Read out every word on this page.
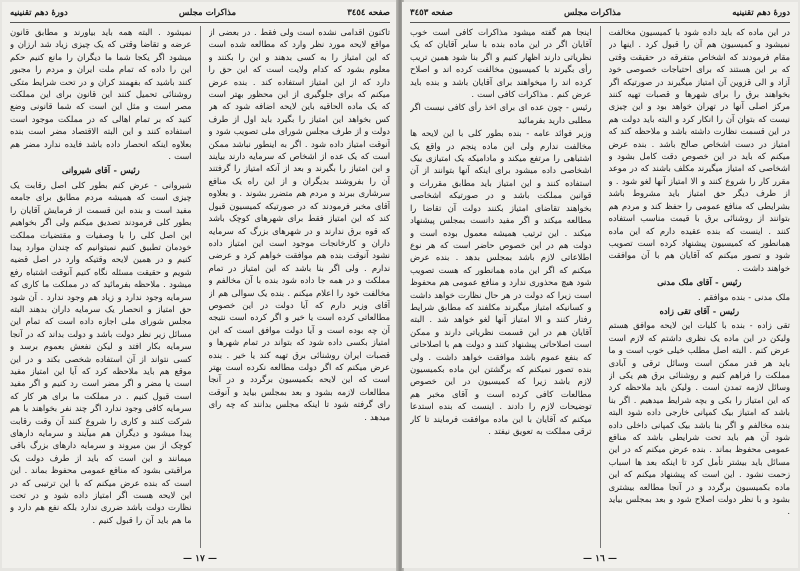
صفحه ٣٤٥٤
مذاکرات مجلس
دورهٔ دهم تقنینیه

تاکنون اقدامی نشده است ولی فقط . در بعضی از مواقع لایحه مورد نظر وارد که مطالعه شده است که این امتیاز را به کسی بدهند و این را بکنند و معلوم بشود که کدام ولایت است که این حق را دارد که از این امتیاز استفاده کند . بنده عرض میکنم که برای جلوگیری از این محظور بهتر است که یک ماده الحاقیه باین لایحه اضافه شود که هر کس بخواهد این امتیاز را بگیرد باید اول از طرف دولت و از طرف مجلس شورای ملی تصویب شود و آنوقت امتیاز داده شود . اگر به اینطور نباشد ممکن است که یک عده از اشخاص که سرمایه دارند بیایند و این امتیاز را بگیرند و بعد از آنکه امتیاز را گرفتند آن را بفروشند بدیگران و از این راه یک منافع سرشاری ببرند و مردم هم متضرر بشوند . و بعلاوه آقای مخبر فرمودند که در صورتیکه کمیسیون قبول کند که این امتیاز فقط برای شهرهای کوچک باشد که قوه برق ندارند و در شهرهای بزرگ که سرمایه داران و کارخانجات موجود است این امتیاز داده نشود آنوقت بنده هم موافقت خواهم کرد و عرضی ندارم . ولی اگر بنا باشد که این امتیاز در تمام مملکت و در همه جا داده شود بنده با آن مخالفم و مخالفت خود را اعلام میکنم . بنده یک سوالی هم از آقای وزیر دارم که آیا دولت در این خصوص مطالعاتی کرده است یا خیر و اگر کرده است نتیجه آن چه بوده است و آیا دولت موافق است که این امتیاز بکسی داده شود که بتواند در تمام شهرها و قصبات ایران روشنائی برق تهیه کند یا خیر . بنده عرض میکنم که اگر دولت مطالعه نکرده است بهتر است که این لایحه بکمیسیون برگردد و در آنجا مطالعات لازمه بشود و بعد بمجلس بیاید و آنوقت رای گرفته شود تا اینکه مجلس بدانند که چه رای میدهد .

نمیشود . البته همه باید بیاورند و مطابق قانون عرضه و تقاضا وقتی که یک چیزی زیاد شد ارزان و میشود اگر یکجا شما ما دیگران را مانع کنیم حکم این را داده که تمام ملت ایران و مردم را مجبور کنند باشید که بفهمند کران و در تحت شرایط متکی روشنائی تحمیل کنند این قانون برای این مملکت مصر است و مثل این است که شما قانونی وضع کنید که بر تمام اهالی که در مملکت موجود است استفاده کنند و این البته الاقتصاد مضر است بنده بعلاوه اینکه انحصار داده باشد فایده ندارد مضر هم است .

رئیس - آقای شیروانی

شیروانی - عرض کنم بطور کلی اصل رقابت یک چیزی است که همیشه مردم مطابق برای جامعه مفید است و بنده این قسمت از فرمایش آقایان را بطور کلی فرمودند تصدیق میکنم ولی اگر بخواهیم این اصل کلی را با وصفیات و مقتضیات مملکت خودمان تطبیق کنیم نمیتوانیم که چندان موارد پیدا کنیم و در همین لایحه وقتیکه وارد در اصل قضیه شویم و حقیقت مسئله نگاه کنیم آنوقت اشتباه رفع میشود . ملاحظه بفرمائید که در مملکت ما کاری که سرمایه وجود ندارد و زیاد هم وجود ندارد . آن شود حق امتیاز و انحصار یک سرمایه داران بدهند البته مجلس شورای ملی اجازه داده است که تمام این مسائل زیر نظر دولت باشد و دولت بداند که در آنجا سرمایه بکار افتد و لیکن نفعش بعموم برسد و کسی نتواند از آن استفاده شخصی بکند و در این موقع هم باید ملاحظه کرد که آیا این امتیاز مفید است یا مضر و اگر مضر است رد کنیم و اگر مفید است قبول کنیم . در مملکت ما برای هر کار که سرمایه کافی وجود ندارد اگر چند نفر بخواهند با هم شرکت کنند و کاری را شروع کنند آن وقت رقابت پیدا میشود و دیگران هم میآیند و سرمایه دارهای کوچک از بین میروند و سرمایه دارهای بزرگ باقی میمانند و این است که باید از طرف دولت یک مراقبتی بشود که منافع عمومی محفوظ بماند . این است که بنده عرض میکنم که با این ترتیبی که در این لایحه هست اگر امتیاز داده شود و در تحت نظارت دولت باشد ضرری ندارد بلکه نفع هم دارد و ما هم باید آن را قبول کنیم .

— ١٧ —
دورهٔ دهم تقنینیه
مذاکرات مجلس
صفحه ٣٤٥٣

در این ماده که باید داده شود با کمیسیون مخالفت نمیشود و کمیسیون هم آن را قبول کرد . اینها در مقام فرمودند که اشخاص متفرقه در حقیقت وقتی که بر این هستند که برای احتیاجات خصوصی خود آزاد و الی قزوین آن امتیاز میگیرند در صورتیکه اگر بخواهند برق را برای شهرها و قصبات تهیه کنند مرکز اصلی آنها در تهران خواهد بود و این چیزی نیست که بتوان آن را انکار کرد و البته باید دولت هم در این قسمت نظارت داشته باشد و ملاحظه کند که امتیاز در دست اشخاص صالح باشد . بنده عرض میکنم که باید در این خصوص دقت کامل بشود و اشخاصی که امتیاز میگیرند مکلف باشند که در موعد مقرر کار را شروع کنند و الا امتیاز آنها لغو شود . و از طرف دیگر حق امتیاز باید مشروط باشد بشرایطی که منافع عمومی را حفظ کند و مردم هم بتوانند از روشنائی برق با قیمت مناسب استفاده کنند . اینست که بنده عقیده دارم که این ماده همانطور که کمیسیون پیشنهاد کرده است تصویب شود و تصور میکنم که آقایان هم با آن موافقت خواهند داشت .

رئیس - آقای ملک مدنی

ملک مدنی - بنده موافقم .

رئیس - آقای تقی زاده

تقی زاده - بنده با کلیات این لایحه موافق هستم ولیکن در این ماده یک نظری داشتم که لازم است عرض کنم . البته اصل مطلب خیلی خوب است و ما باید هر قدر ممکن است وسائل ترقی و آبادی مملکت را فراهم کنیم و روشنائی برق هم یکی از وسائل لازمه تمدن است . ولیکن باید ملاحظه کرد که این امتیاز را بکی و بچه شرایط میدهیم . اگر بنا باشد که امتیاز بیک کمپانی خارجی داده شود البته بنده مخالفم و اگر بنا باشد بیک کمپانی داخلی داده شود آن هم باید تحت شرایطی باشد که منافع عمومی محفوظ بماند . بنده عرض میکنم که در این مسائل باید بیشتر تأمل کرد تا اینکه بعد ها اسباب زحمت نشود . این است که پیشنهاد میکنم که این ماده بکمیسیون برگردد و در آنجا مطالعه بیشتری بشود و با نظر دولت اصلاح شود و بعد بمجلس بیاید .

اینجا هم گفته میشود مذاکرات کافی است خوب آقایان اگر در این ماده بنده با سایر آقایان که یک نظریاتی دارند اظهار کنیم و اگر بنا شود همین تریب رأی بگیرند با کمیسیون مخالفت کرده اند و اصلاح کرده اند را میخواهند برای آقایان باشد و بنده باید عرض کنم . مذاکرات کافی است .

رئیس - چون عده ای برای اخذ رأی کافی نیست اگر مطلبی دارید بفرمائید

وزیر فوائد عامه - بنده بطور کلی با این لایحه ها مخالفت ندارم ولی این ماده پنجم در واقع یک اشتباهی را مرتفع میکند و مادامیکه یک امتیازی بیک اشخاصی داده میشود برای اینکه آنها بتوانند از آن استفاده کنند و این امتیاز باید مطابق مقررات و قوانین مملکت باشد و در صورتیکه اشخاصی بخواهند تقاضای امتیاز بکنند دولت آن تقاضا را مطالعه میکند و اگر مفید دانست بمجلس پیشنهاد میکند . این ترتیب همیشه معمول بوده است و دولت هم در این خصوص حاضر است که هر نوع اطلاعاتی لازم باشد بمجلس بدهد . بنده عرض میکنم که اگر این ماده همانطور که هست تصویب شود هیچ محذوری ندارد و منافع عمومی هم محفوظ است زیرا که دولت در هر حال نظارت خواهد داشت و کسانیکه امتیاز میگیرند مکلفند که مطابق شرایط رفتار کنند و الا امتیاز آنها لغو خواهد شد . البته آقایان هم در این قسمت نظریاتی دارند و ممکن است اصلاحاتی پیشنهاد کنند و دولت هم با اصلاحاتی که بنفع عموم باشد موافقت خواهد داشت . ولی بنده تصور نمیکنم که برگشتن این ماده بکمیسیون لازم باشد زیرا که کمیسیون در این خصوص مطالعات کافی کرده است و آقای مخبر هم توضیحات لازم را دادند . اینست که بنده استدعا میکنم که آقایان با این ماده موافقت فرمایند تا کار ترقی مملکت به تعویق نیفتد .

— ١٦ —
